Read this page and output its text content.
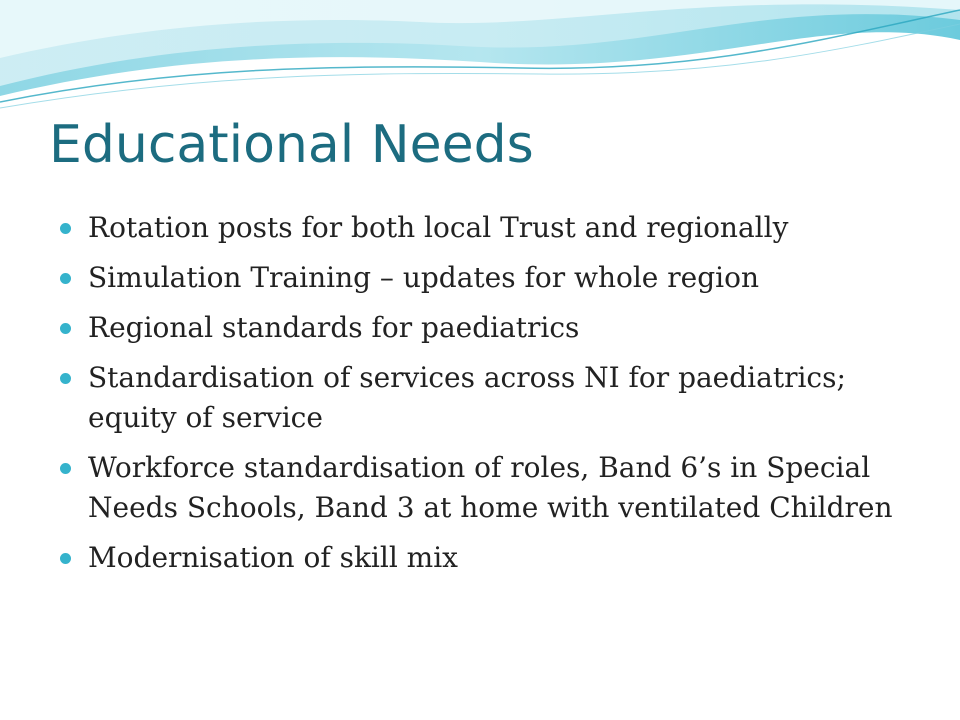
Educational Needs
Rotation posts for both local Trust and regionally
Simulation Training – updates for whole region
Regional standards for paediatrics
Standardisation of services across NI for paediatrics; equity of service
Workforce standardisation of roles, Band 6’s in Special Needs Schools, Band 3 at home with ventilated Children
Modernisation of skill mix
